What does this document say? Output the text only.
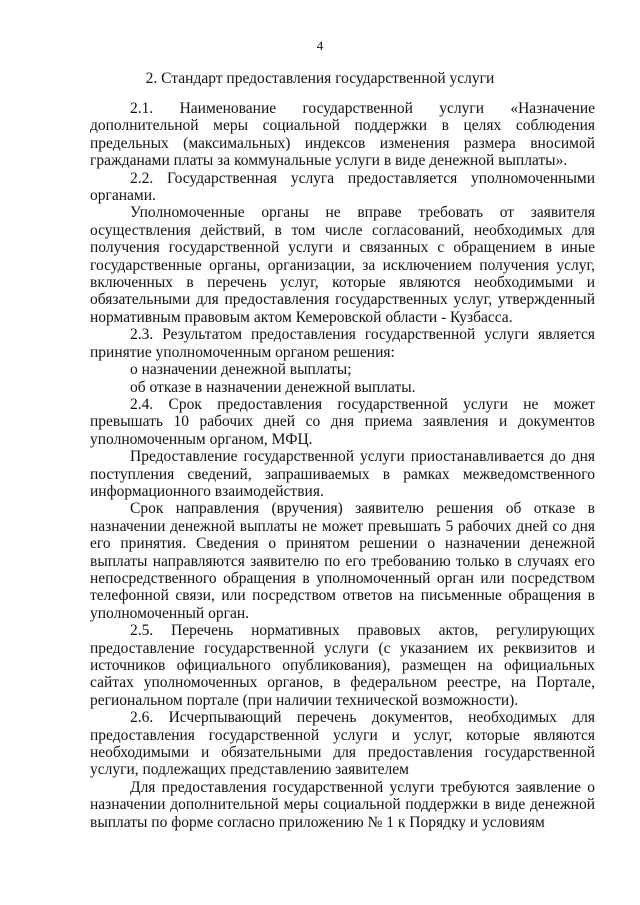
4
2. Стандарт предоставления государственной услуги

2.1. Наименование государственной услуги «Назначение дополнительной меры социальной поддержки в целях соблюдения предельных (максимальных) индексов изменения размера вносимой гражданами платы за коммунальные услуги в виде денежной выплаты».

2.2. Государственная услуга предоставляется уполномоченными органами.

Уполномоченные органы не вправе требовать от заявителя осуществления действий, в том числе согласований, необходимых для получения государственной услуги и связанных с обращением в иные государственные органы, организации, за исключением получения услуг, включенных в перечень услуг, которые являются необходимыми и обязательными для предоставления государственных услуг, утвержденный нормативным правовым актом Кемеровской области - Кузбасса.

2.3. Результатом предоставления государственной услуги является принятие уполномоченным органом решения:

о назначении денежной выплаты;

об отказе в назначении денежной выплаты.

2.4. Срок предоставления государственной услуги не может превышать 10 рабочих дней со дня приема заявления и документов уполномоченным органом, МФЦ.

Предоставление государственной услуги приостанавливается до дня поступления сведений, запрашиваемых в рамках межведомственного информационного взаимодействия.

Срок направления (вручения) заявителю решения об отказе в назначении денежной выплаты не может превышать 5 рабочих дней со дня его принятия. Сведения о принятом решении о назначении денежной выплаты направляются заявителю по его требованию только в случаях его непосредственного обращения в уполномоченный орган или посредством телефонной связи, или посредством ответов на письменные обращения в уполномоченный орган.

2.5. Перечень нормативных правовых актов, регулирующих предоставление государственной услуги (с указанием их реквизитов и источников официального опубликования), размещен на официальных сайтах уполномоченных органов, в федеральном реестре, на Портале, региональном портале (при наличии технической возможности).

2.6. Исчерпывающий перечень документов, необходимых для предоставления государственной услуги и услуг, которые являются необходимыми и обязательными для предоставления государственной услуги, подлежащих представлению заявителем

Для предоставления государственной услуги требуются заявление о назначении дополнительной меры социальной поддержки в виде денежной выплаты по форме согласно приложению № 1 к Порядку и условиям
